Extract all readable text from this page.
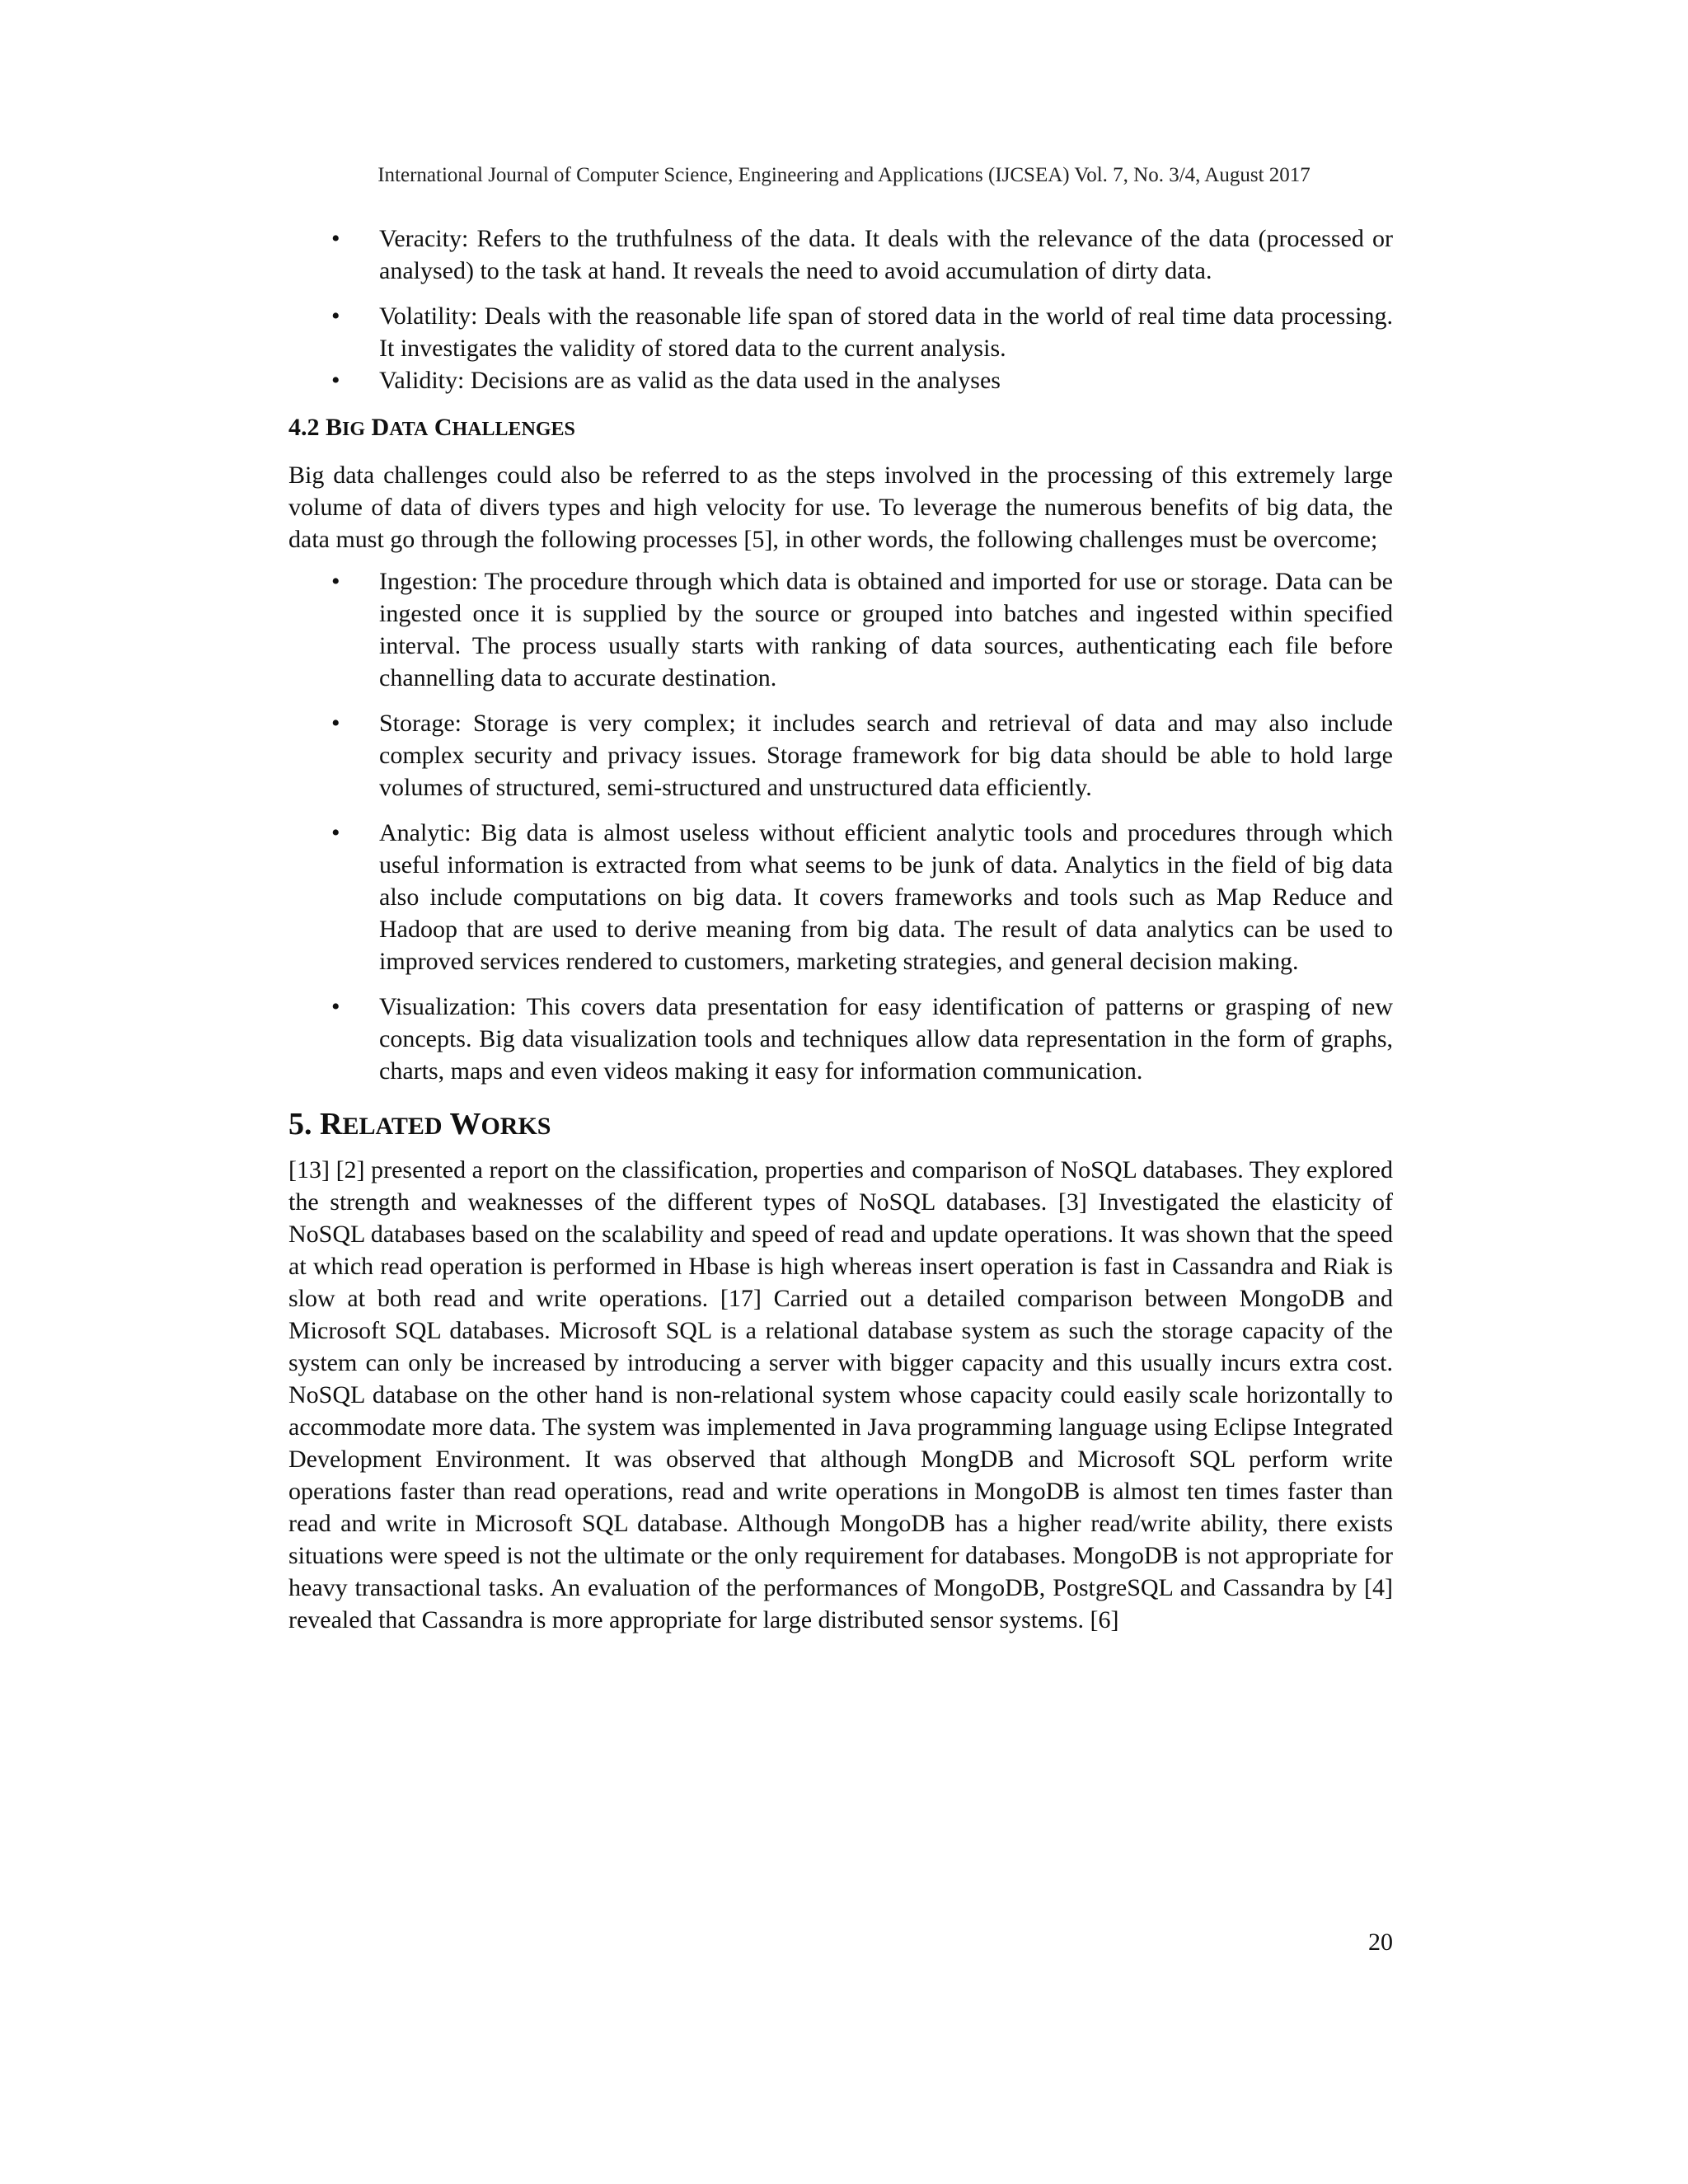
International Journal of Computer Science, Engineering and Applications (IJCSEA) Vol. 7, No. 3/4, August 2017
• Veracity: Refers to the truthfulness of the data. It deals with the relevance of the data (processed or analysed) to the task at hand. It reveals the need to avoid accumulation of dirty data.
• Volatility: Deals with the reasonable life span of stored data in the world of real time data processing. It investigates the validity of stored data to the current analysis.
• Validity: Decisions are as valid as the data used in the analyses
4.2 BIG DATA CHALLENGES

Big data challenges could also be referred to as the steps involved in the processing of this extremely large volume of data of divers types and high velocity for use. To leverage the numerous benefits of big data, the data must go through the following processes [5], in other words, the following challenges must be overcome;

• Ingestion: The procedure through which data is obtained and imported for use or storage. Data can be ingested once it is supplied by the source or grouped into batches and ingested within specified interval. The process usually starts with ranking of data sources, authenticating each file before channelling data to accurate destination.
• Storage: Storage is very complex; it includes search and retrieval of data and may also include complex security and privacy issues. Storage framework for big data should be able to hold large volumes of structured, semi-structured and unstructured data efficiently.
• Analytic: Big data is almost useless without efficient analytic tools and procedures through which useful information is extracted from what seems to be junk of data. Analytics in the field of big data also include computations on big data. It covers frameworks and tools such as Map Reduce and Hadoop that are used to derive meaning from big data. The result of data analytics can be used to improved services rendered to customers, marketing strategies, and general decision making.
• Visualization: This covers data presentation for easy identification of patterns or grasping of new concepts. Big data visualization tools and techniques allow data representation in the form of graphs, charts, maps and even videos making it easy for information communication.
5. RELATED WORKS

[13] [2] presented a report on the classification, properties and comparison of NoSQL databases. They explored the strength and weaknesses of the different types of NoSQL databases. [3] Investigated the elasticity of NoSQL databases based on the scalability and speed of read and update operations. It was shown that the speed at which read operation is performed in Hbase is high whereas insert operation is fast in Cassandra and Riak is slow at both read and write operations. [17] Carried out a detailed comparison between MongoDB and Microsoft SQL databases. Microsoft SQL is a relational database system as such the storage capacity of the system can only be increased by introducing a server with bigger capacity and this usually incurs extra cost. NoSQL database on the other hand is non-relational system whose capacity could easily scale horizontally to accommodate more data. The system was implemented in Java programming language using Eclipse Integrated Development Environment. It was observed that although MongDB and Microsoft SQL perform write operations faster than read operations, read and write operations in MongoDB is almost ten times faster than read and write in Microsoft SQL database. Although MongoDB has a higher read/write ability, there exists situations were speed is not the ultimate or the only requirement for databases. MongoDB is not appropriate for heavy transactional tasks. An evaluation of the performances of MongoDB, PostgreSQL and Cassandra by [4] revealed that Cassandra is more appropriate for large distributed sensor systems. [6]

20
